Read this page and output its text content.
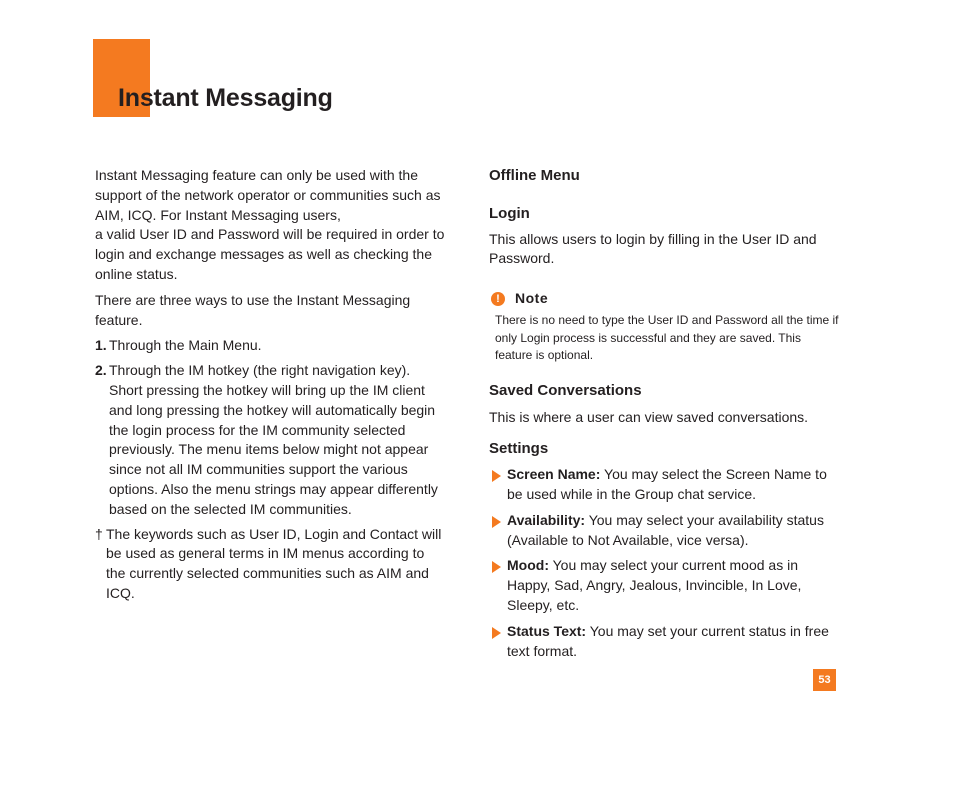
Instant Messaging

Instant Messaging feature can only be used with the support of the network operator or communities such as AIM, ICQ. For Instant Messaging users,

a valid User ID and Password will be required in order to login and exchange messages as well as checking the online status.

There are three ways to use the Instant Messaging feature.

1. Through the Main Menu.
2. Through the IM hotkey (the right navigation key). Short pressing the hotkey will bring up the IM client and long pressing the hotkey will automatically begin the login process for the IM community selected previously. The menu items below might not appear since not all IM communities support the various options. Also the menu strings may appear differently based on the selected IM communities.
† The keywords such as User ID, Login and Contact will be used as general terms in IM menus according to the currently selected communities such as AIM and ICQ.
Offline Menu
Login

This allows users to login by filling in the User ID and Password.

!	Note

There is no need to type the User ID and Password all the time if only Login process is successful and they are saved. This feature is optional.

Saved Conversations

This is where a user can view saved conversations.

Settings
Screen Name: You may select the Screen Name to be used while in the Group chat service.
Availability: You may select your availability status (Available to Not Available, vice versa).
Mood: You may select your current mood as in Happy, Sad, Angry, Jealous, Invincible, In Love, Sleepy, etc.
Status Text: You may set your current status in free text format.
53
